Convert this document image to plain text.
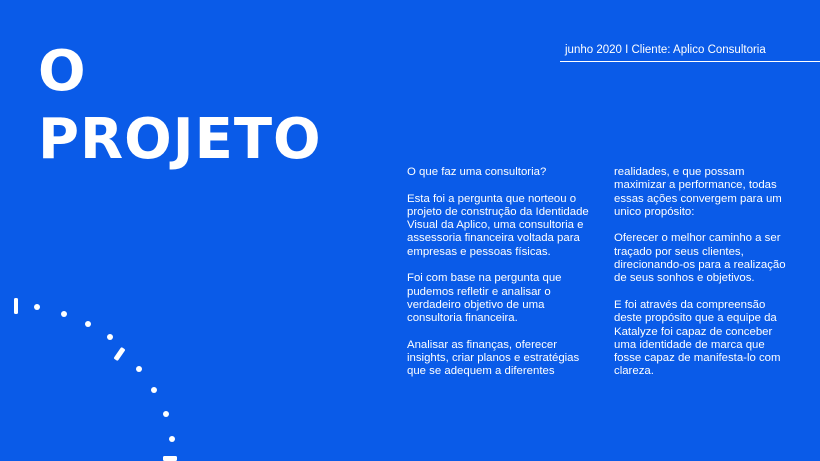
O
PROJETO
junho 2020 I Cliente: Aplico Consultoria

O que faz uma consultoria?

Esta foi a pergunta que norteou o projeto de construção da Identidade Visual da Aplico, uma consultoria e assessoria financeira voltada para empresas e pessoas físicas.

Foi com base na pergunta que pudemos refletir e analisar o verdadeiro objetivo de uma consultoria financeira.

Analisar as finanças, oferecer insights, criar planos e estratégias que se adequem a diferentes

realidades, e que possam maximizar a performance, todas essas ações convergem para um unico propósito:

Oferecer o melhor caminho a ser traçado por seus clientes, direcionando-os para a realização de seus sonhos e objetivos.

E foi através da compreensão deste propósito que a equipe da Katalyze foi capaz de conceber uma identidade de marca que fosse capaz de manifesta-lo com clareza.
